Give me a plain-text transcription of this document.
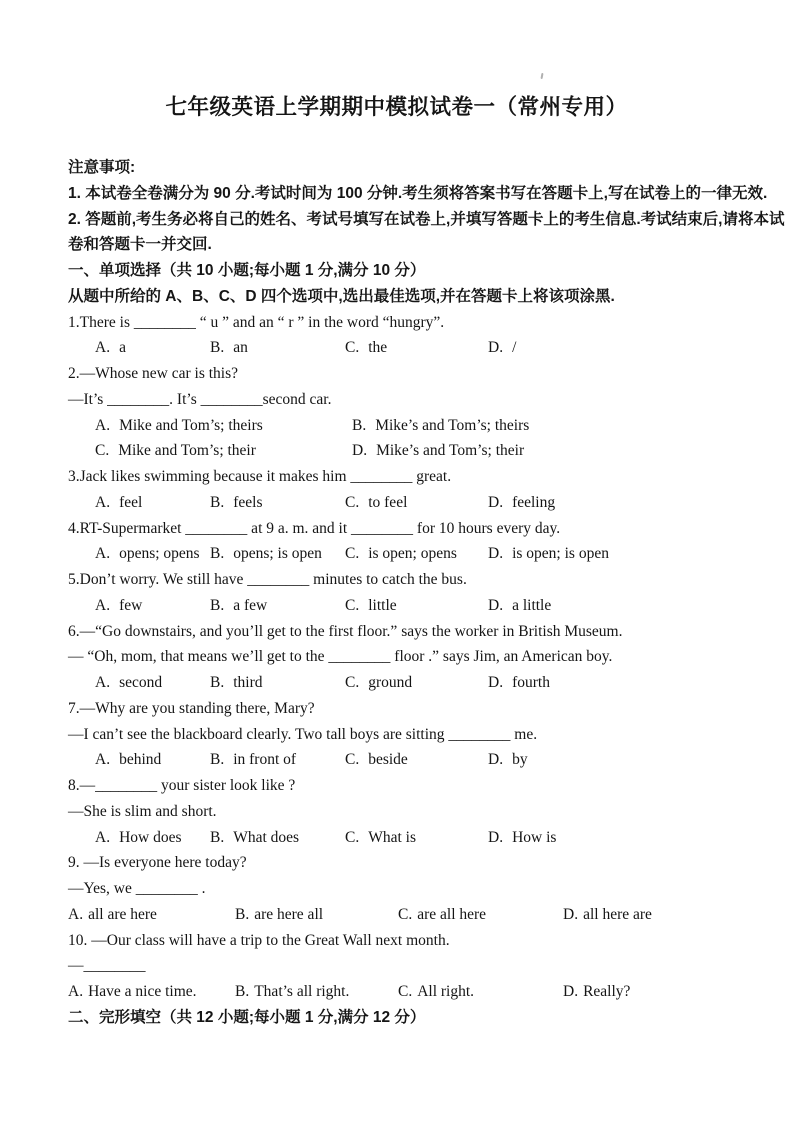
七年级英语上学期期中模拟试卷一（常州专用）
注意事项:
1. 本试卷全卷满分为 90 分.考试时间为 100 分钟.考生须将答案书写在答题卡上,写在试卷上的一律无效.
2. 答题前,考生务必将自己的姓名、考试号填写在试卷上,并填写答题卡上的考生信息.考试结束后,请将本试
卷和答题卡一并交回.
一、单项选择（共 10 小题;每小题 1 分,满分 10 分）
从题中所给的 A、B、C、D 四个选项中,选出最佳选项,并在答题卡上将该项涂黑.
1.There is ________ “ u ” and an “ r ” in the word “hungry”.
A. a	B. an	C. the	D. /
2.—Whose new car is this?
—It’s ________. It’s ________second car.
A. Mike and Tom’s; theirs	B. Mike’s and Tom’s; theirs
C. Mike and Tom’s; their	D. Mike’s and Tom’s; their
3.Jack likes swimming because it makes him ________ great.
A. feel	B. feels	C. to feel	D. feeling
4.RT-Supermarket ________ at 9 a. m. and it ________ for 10 hours every day.
A. opens; opens B. opens; is open C. is open; opens D. is open; is open
5.Don’t worry. We still have ________ minutes to catch the bus.
A. few	B. a few	C. little	D. a little
6.—“Go downstairs, and you’ll get to the first floor.” says the worker in British Museum.
— “Oh, mom, that means we’ll get to the ________ floor .” says Jim, an American boy.
A. second	B. third	C. ground	D. fourth
7.—Why are you standing there, Mary?
—I can’t see the blackboard clearly. Two tall boys are sitting ________ me.
A. behind	B. in front of	C. beside	D. by
8.—________ your sister look like ?
—She is slim and short.
A. How does B. What does	C. What is	D. How is
9. —Is everyone here today?
—Yes, we ________ .
A. all are here	B. are here all	C. are all here	D. all here are
10. —Our class will have a trip to the Great Wall next month.
—________
A. Have a nice time. B. That’s all right.	C. All right.	D. Really?
二、完形填空（共 12 小题;每小题 1 分,满分 12 分）
